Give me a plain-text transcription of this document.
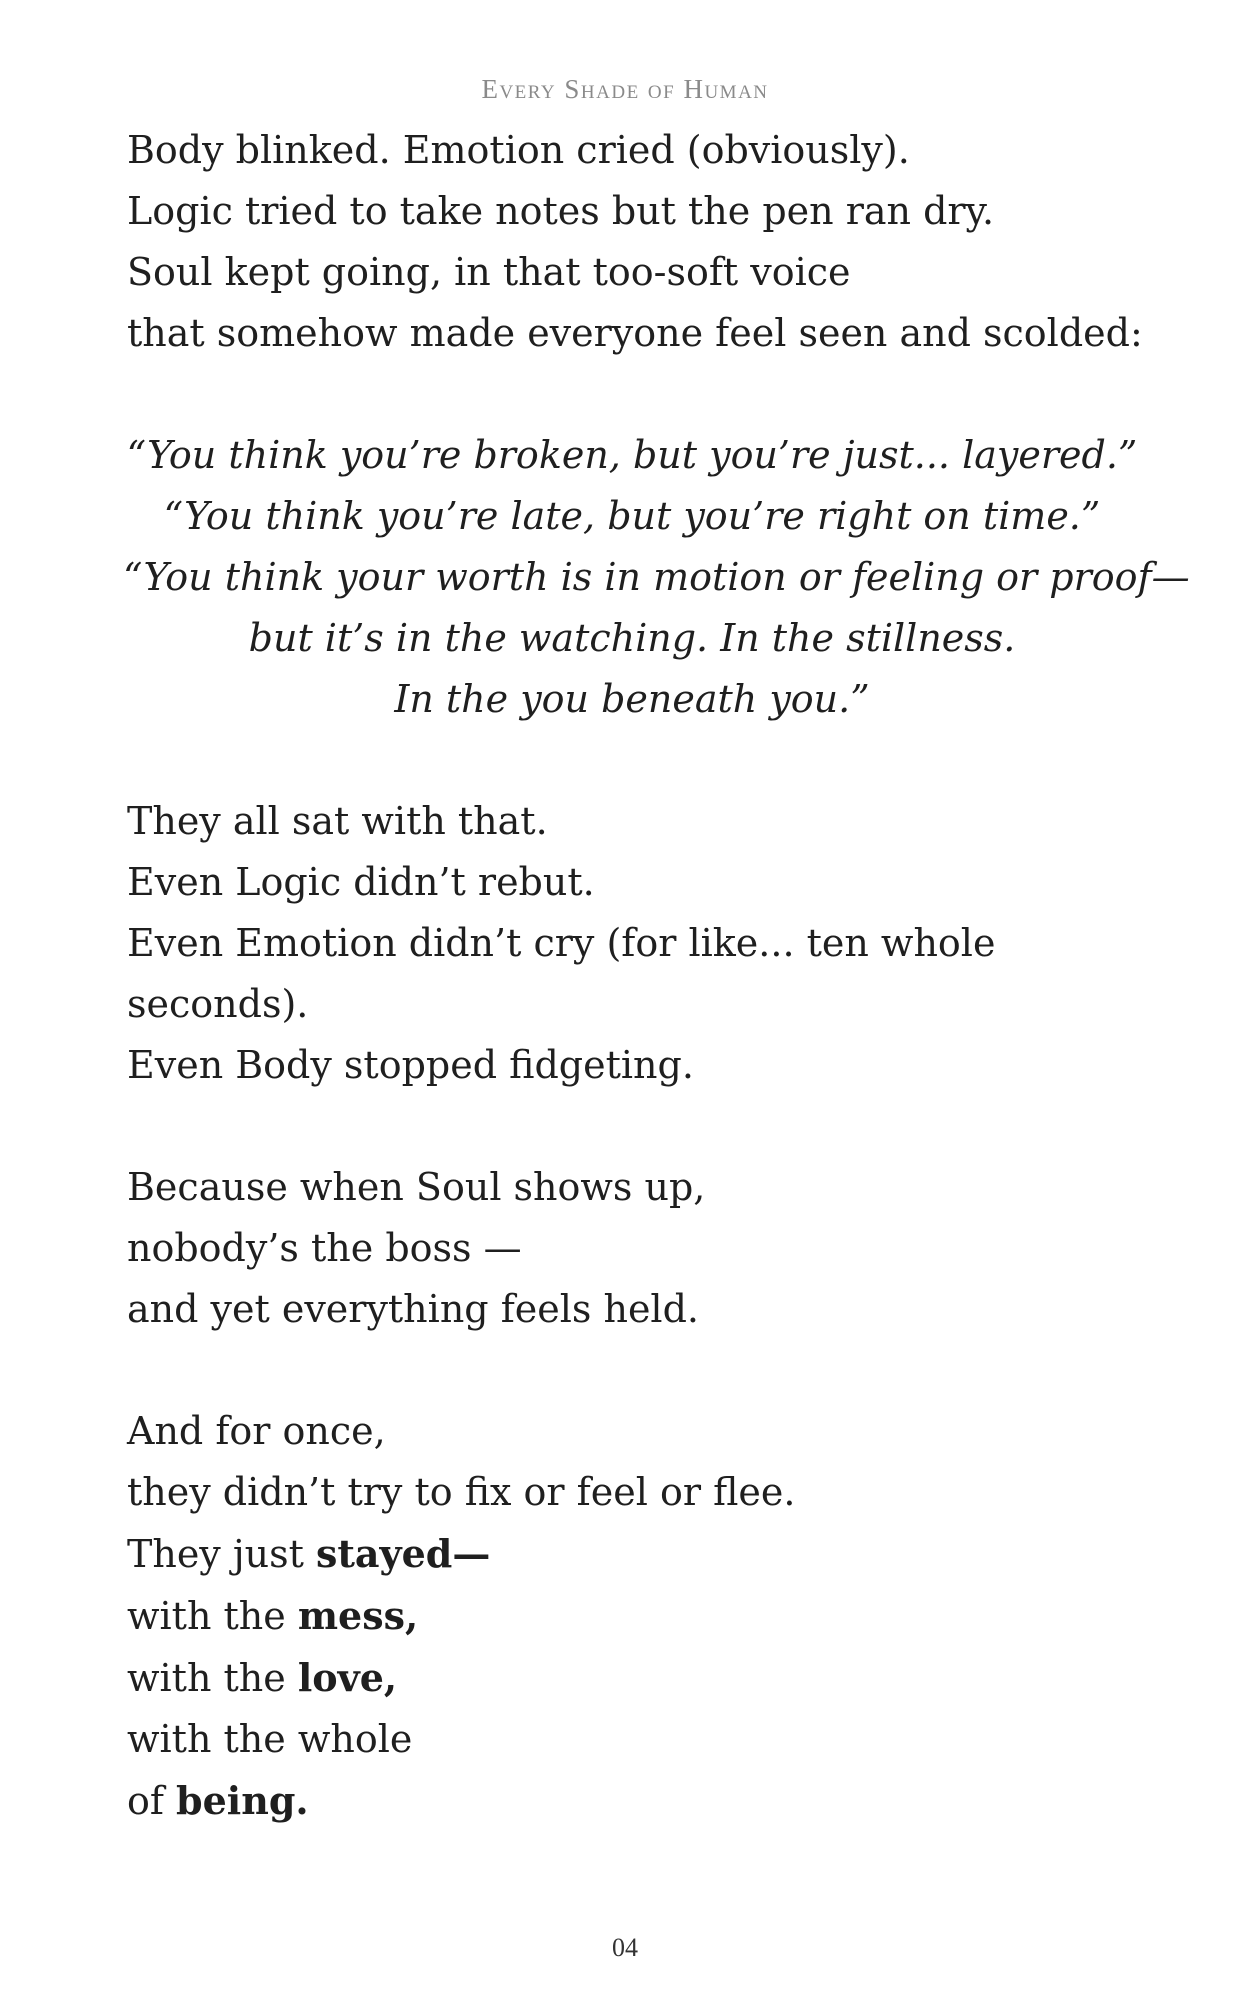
Every Shade of Human
Body blinked. Emotion cried (obviously).
Logic tried to take notes but the pen ran dry.
Soul kept going, in that too-soft voice
that somehow made everyone feel seen and scolded:
“You think you’re broken, but you’re just... layered.”
“You think you’re late, but you’re right on time.”
“You think your worth is in motion or feeling or proof—
but it’s in the watching. In the stillness.
In the you beneath you.”
They all sat with that.
Even Logic didn’t rebut.
Even Emotion didn’t cry (for like... ten whole
seconds).
Even Body stopped fidgeting.
Because when Soul shows up,
nobody’s the boss —
and yet everything feels held.
And for once,
they didn’t try to fix or feel or flee.
They just stayed—
with the mess,
with the love,
with the whole
of being.
04
